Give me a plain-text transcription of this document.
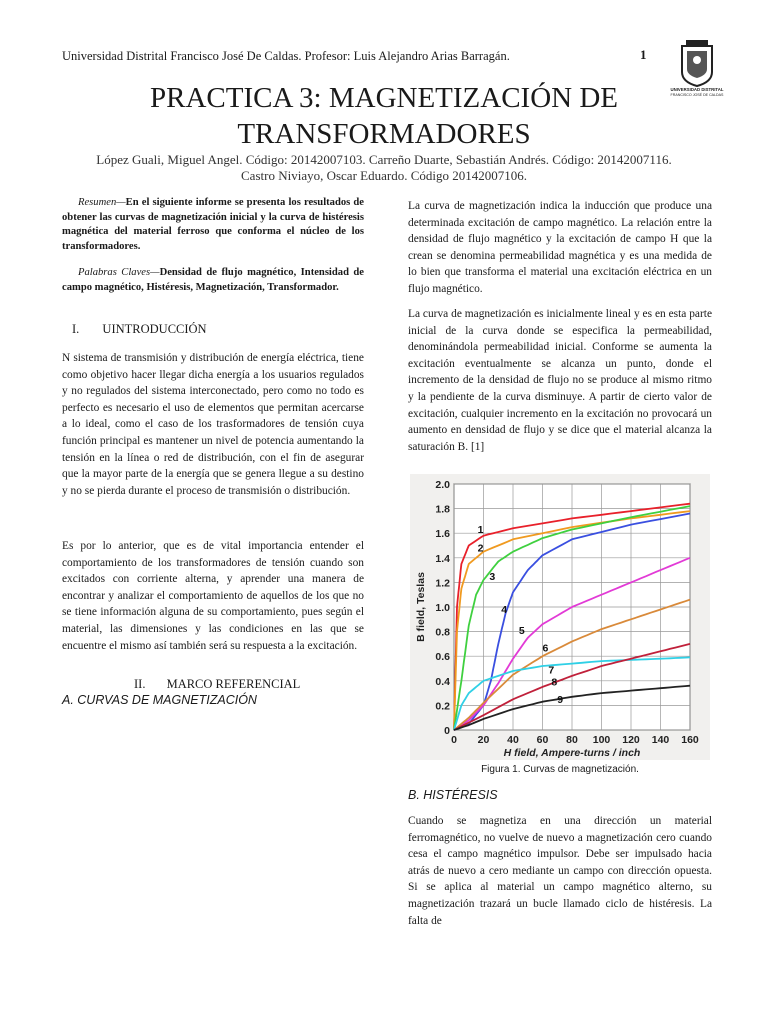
Universidad Distrital Francisco José De Caldas. Profesor: Luis Alejandro Arias Barragán.	1
UNIVERSIDAD DISTRITAL
FRANCISCO JOSÉ DE CALDAS
PRACTICA 3: MAGNETIZACIÓN DE
TRANSFORMADORES
López Guali, Miguel Angel. Código: 20142007103. Carreño Duarte, Sebastián Andrés. Código: 20142007116.
Castro Niviayo, Oscar Eduardo. Código 20142007106.

Resumen—En el siguiente informe se presenta los resultados de obtener las curvas de magnetización inicial y la curva de histéresis magnética del material ferroso que conforma el núcleo de los transformadores.

Palabras Claves—Densidad de flujo magnético, Intensidad de campo magnético, Histéresis, Magnetización, Transformador.

I. UINTRODUCCIÓN

N sistema de transmisión y distribución de energía eléctrica, tiene como objetivo hacer llegar dicha energía a los usuarios regulados y no regulados del sistema interconectado, pero como no todo es perfecto es necesario el uso de elementos que permitan acercarse a lo ideal, como el caso de los trasformadores de tensión cuya función principal es mantener un nivel de potencia aumentando la tensión en la línea o red de distribución, con el fin de asegurar que la mayor parte de la energía que se genera llegue a su destino y no se pierda durante el proceso de transmisión o distribución.

Es por lo anterior, que es de vital importancia entender el comportamiento de los transformadores de tensión cuando son excitados con corriente alterna, y aprender una manera de encontrar y analizar el comportamiento de aquellos de los que no se tiene información alguna de su comportamiento, pues según el material, las dimensiones y las condiciones en las que se encuentre el mismo así también será su respuesta a la excitación.

II. MARCO REFERENCIAL
A. CURVAS DE MAGNETIZACIÓN

La curva de magnetización indica la inducción que produce una determinada excitación de campo magnético. La relación entre la densidad de flujo magnético y la excitación de campo H que la crean se denomina permeabilidad magnética y es una medida de lo bien que transforma el material una excitación eléctrica en un flujo magnético.

La curva de magnetización es inicialmente lineal y es en esta parte inicial de la curva donde se especifica la permeabilidad, denominándola permeabilidad inicial. Conforme se aumenta la excitación eventualmente se alcanza un punto, donde el incremento de la densidad de flujo no se produce al mismo ritmo y la pendiente de la curva disminuye. A partir de cierto valor de excitación, cualquier incremento en la excitación no provocará un aumento en densidad de flujo y se dice que el material alcanza la saturación B. [1]

0 20 40 60 80 100 120 140 160
0
0.2
0.4
0.6
0.8
1.0
1.2
1.4
1.6
1.8
2.0
H field, Ampere-turns / inch
B field, Teslas
1
2
3
4
5
6
7
8
9
Figura 1. Curvas de magnetización.
B. HISTÉRESIS

Cuando se magnetiza en una dirección un material ferromagnético, no vuelve de nuevo a magnetización cero cuando cesa el campo magnético impulsor. Debe ser impulsado hacia atrás de nuevo a cero mediante un campo con dirección opuesta. Si se aplica al material un campo magnético alterno, su magnetización trazará un bucle llamado ciclo de histéresis. La falta de
